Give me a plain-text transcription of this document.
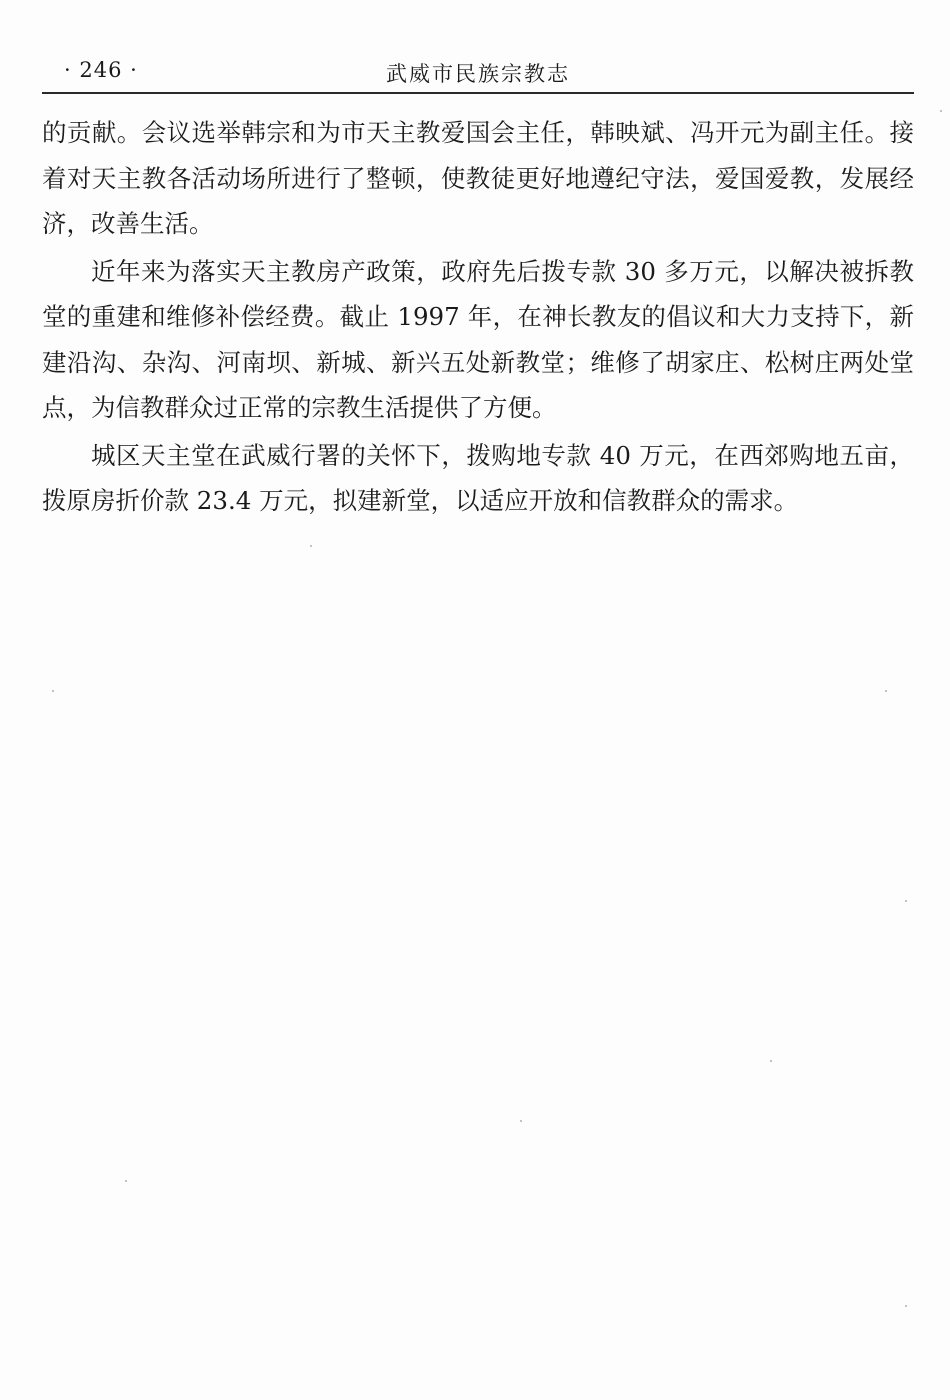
· 246 ·	武威市民族宗教志

的贡献。会议选举韩宗和为市天主教爱国会主任，韩映斌、冯开元为副主任。接着对天主教各活动场所进行了整顿，使教徒更好地遵纪守法，爱国爱教，发展经济，改善生活。

近年来为落实天主教房产政策，政府先后拨专款 30 多万元，以解决被拆教堂的重建和维修补偿经费。截止 1997 年，在神长教友的倡议和大力支持下，新建沿沟、杂沟、河南坝、新城、新兴五处新教堂；维修了胡家庄、松树庄两处堂点，为信教群众过正常的宗教生活提供了方便。

城区天主堂在武威行署的关怀下，拨购地专款 40 万元，在西郊购地五亩，拨原房折价款 23.4 万元，拟建新堂，以适应开放和信教群众的需求。
